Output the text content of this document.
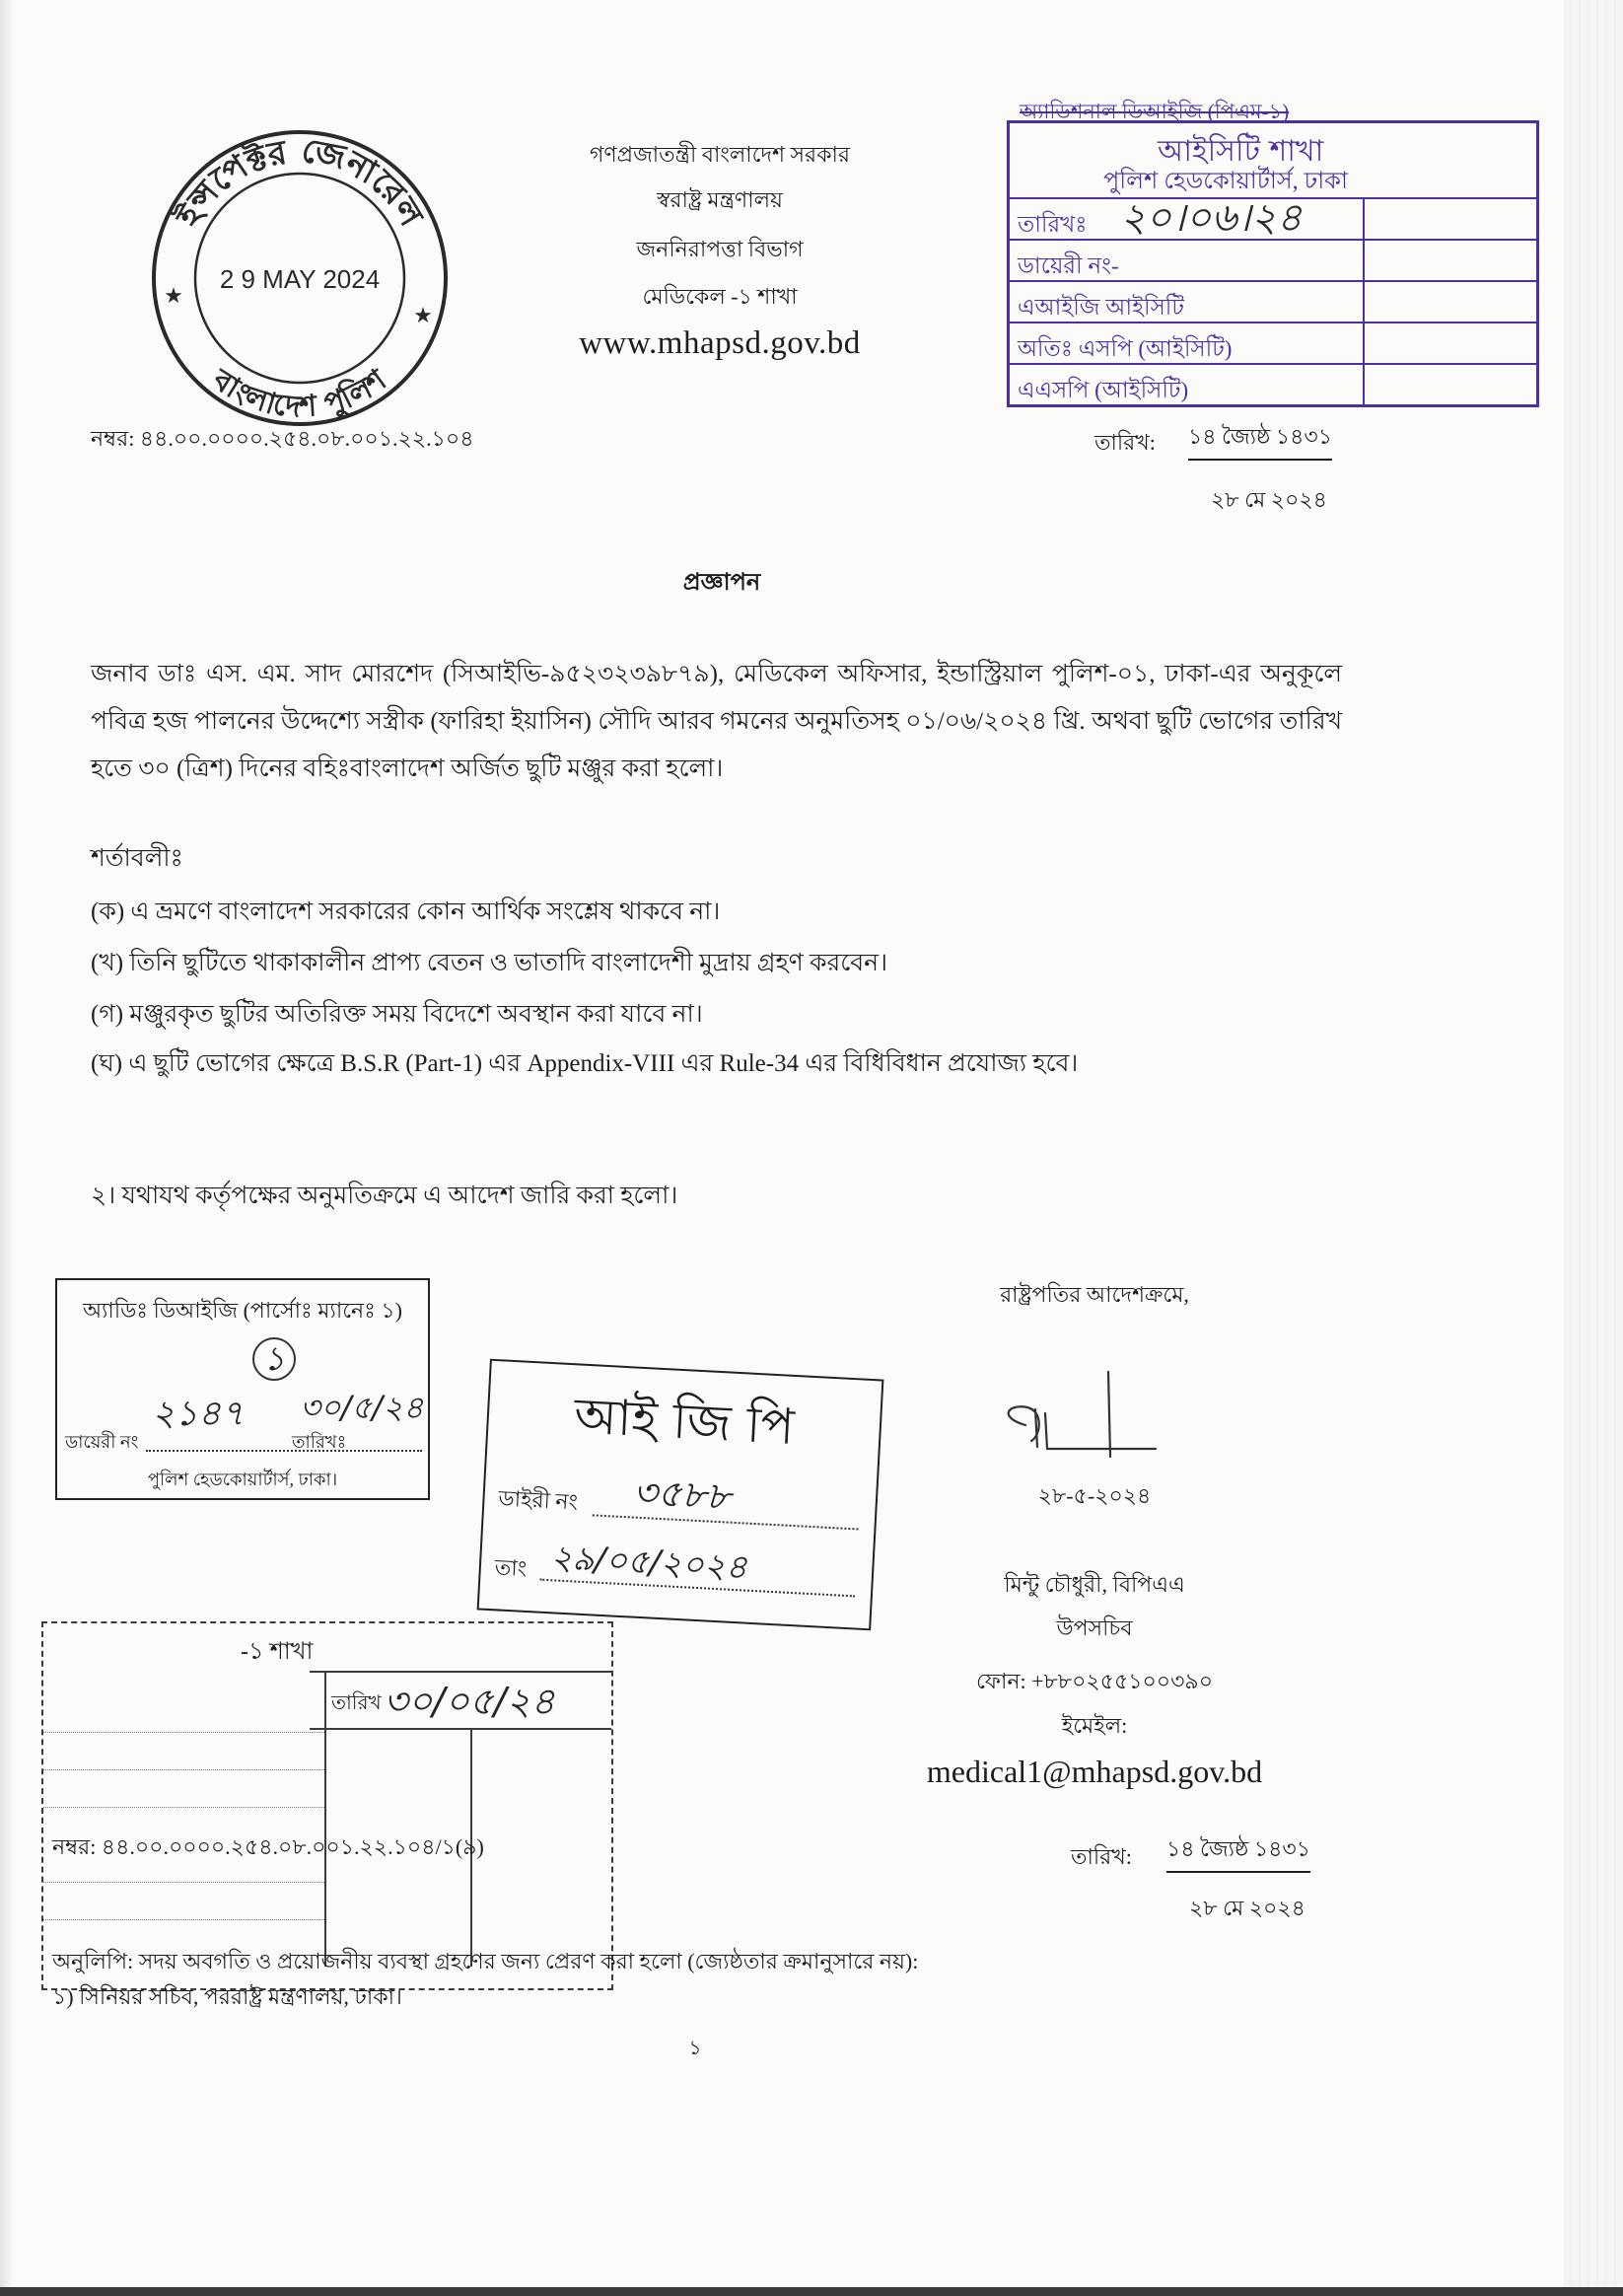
ইন্সপেক্টর জেনারেল
বাংলাদেশ পুলিশ
★
★
2 9 MAY 2024
গণপ্রজাতন্ত্রী বাংলাদেশ সরকার
স্বরাষ্ট্র মন্ত্রণালয়
জননিরাপত্তা বিভাগ
মেডিকেল -১ শাখা
www.mhapsd.gov.bd
নম্বর: ৪৪.০০.০০০০.২৫৪.০৮.০০১.২২.১০৪
অ্যাডিশনাল ডিআইজি (পিএম-১)
আইসিটি শাখা
পুলিশ হেডকোয়ার্টার্স, ঢাকা
তারিখঃ
ডায়েরী নং-
এআইজি আইসিটি
অতিঃ এসপি (আইসিটি)
এএসপি (আইসিটি)
২০।০৬।২৪
তারিখ: ১৪ জ্যৈষ্ঠ ১৪৩১
২৮ মে ২০২৪
প্রজ্ঞাপন
জনাব ডাঃ এস. এম. সাদ মোরশেদ (সিআইভি-৯৫২৩২৩৯৮৭৯), মেডিকেল অফিসার, ইন্ডাস্ট্রিয়াল পুলিশ-০১, ঢাকা-এর অনুকূলে পবিত্র হজ পালনের উদ্দেশ্যে সস্ত্রীক (ফারিহা ইয়াসিন) সৌদি আরব গমনের অনুমতিসহ ০১/০৬/২০২৪ খ্রি. অথবা ছুটি ভোগের তারিখ হতে ৩০ (ত্রিশ) দিনের বহিঃবাংলাদেশ অর্জিত ছুটি মঞ্জুর করা হলো।
শর্তাবলীঃ
(ক) এ ভ্রমণে বাংলাদেশ সরকারের কোন আর্থিক সংশ্লেষ থাকবে না।
(খ) তিনি ছুটিতে থাকাকালীন প্রাপ্য বেতন ও ভাতাদি বাংলাদেশী মুদ্রায় গ্রহণ করবেন।
(গ) মঞ্জুরকৃত ছুটির অতিরিক্ত সময় বিদেশে অবস্থান করা যাবে না।
(ঘ) এ ছুটি ভোগের ক্ষেত্রে B.S.R (Part-1) এর Appendix-VIII এর Rule-34 এর বিধিবিধান প্রযোজ্য হবে।
২। যথাযথ কর্তৃপক্ষের অনুমতিক্রমে এ আদেশ জারি করা হলো।
অ্যাডিঃ ডিআইজি (পার্সোঃ ম্যানেঃ ১)
১
ডায়েরী নং
২১৪৭
তারিখঃ
৩০/৫/২৪
পুলিশ হেডকোয়ার্টার্স, ঢাকা।
আই জি পি
ডাইরী নং ৩৫৮৮
তাং ২৯/০৫/২০২৪
রাষ্ট্রপতির আদেশক্রমে,
২৮-৫-২০২৪
মিন্টু চৌধুরী, বিপিএএ
উপসচিব
ফোন: +৮৮০২৫৫১০০৩৯০
ইমেইল:
medical1@mhapsd.gov.bd
-১ শাখা
তারিখ ৩০/০৫/২৪
নম্বর: ৪৪.০০.০০০০.২৫৪.০৮.০০১.২২.১০৪/১(৯)	তারিখ: ১৪ জ্যৈষ্ঠ ১৪৩১
২৮ মে ২০২৪
অনুলিপি: সদয় অবগতি ও প্রয়োজনীয় ব্যবস্থা গ্রহণের জন্য প্রেরণ করা হলো (জ্যেষ্ঠতার ক্রমানুসারে নয়):
১) সিনিয়র সচিব, পররাষ্ট্র মন্ত্রণালয়, ঢাকা।
১
